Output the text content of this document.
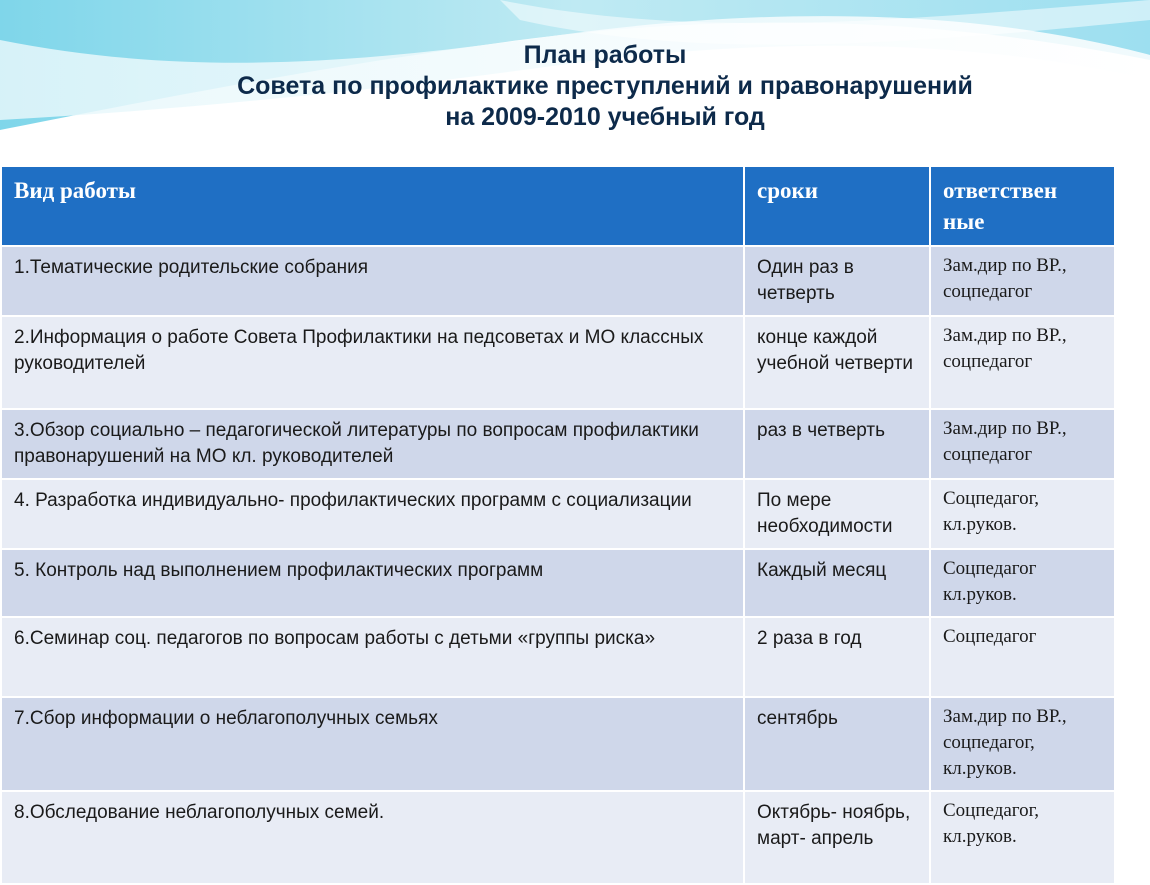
План работы
Совета по профилактике преступлений и правонарушений
на 2009-2010 учебный год
Вид работы	сроки	ответствен ные
1.Тематические родительские собрания	Один раз в четверть	Зам.дир по ВР., соцпедагог
2.Информация о работе Совета Профилактики на педсоветах и МО классных руководителей	конце каждой учебной четверти	Зам.дир по ВР., соцпедагог
3.Обзор социально – педагогической литературы по вопросам профилактики правонарушений на МО кл. руководителей	раз в четверть	Зам.дир по ВР., соцпедагог
4. Разработка индивидуально- профилактических программ с социализации	По мере необходимости	Соцпедагог, кл.руков.
5. Контроль над выполнением профилактических программ	Каждый месяц	Соцпедагог кл.руков.
6.Семинар соц. педагогов по вопросам работы с детьми «группы риска»	2 раза в год	Соцпедагог
7.Сбор информации о неблагополучных семьях	сентябрь	Зам.дир по ВР., соцпедагог, кл.руков.
8.Обследование неблагополучных семей.	Октябрь- ноябрь, март- апрель	Соцпедагог, кл.руков.
